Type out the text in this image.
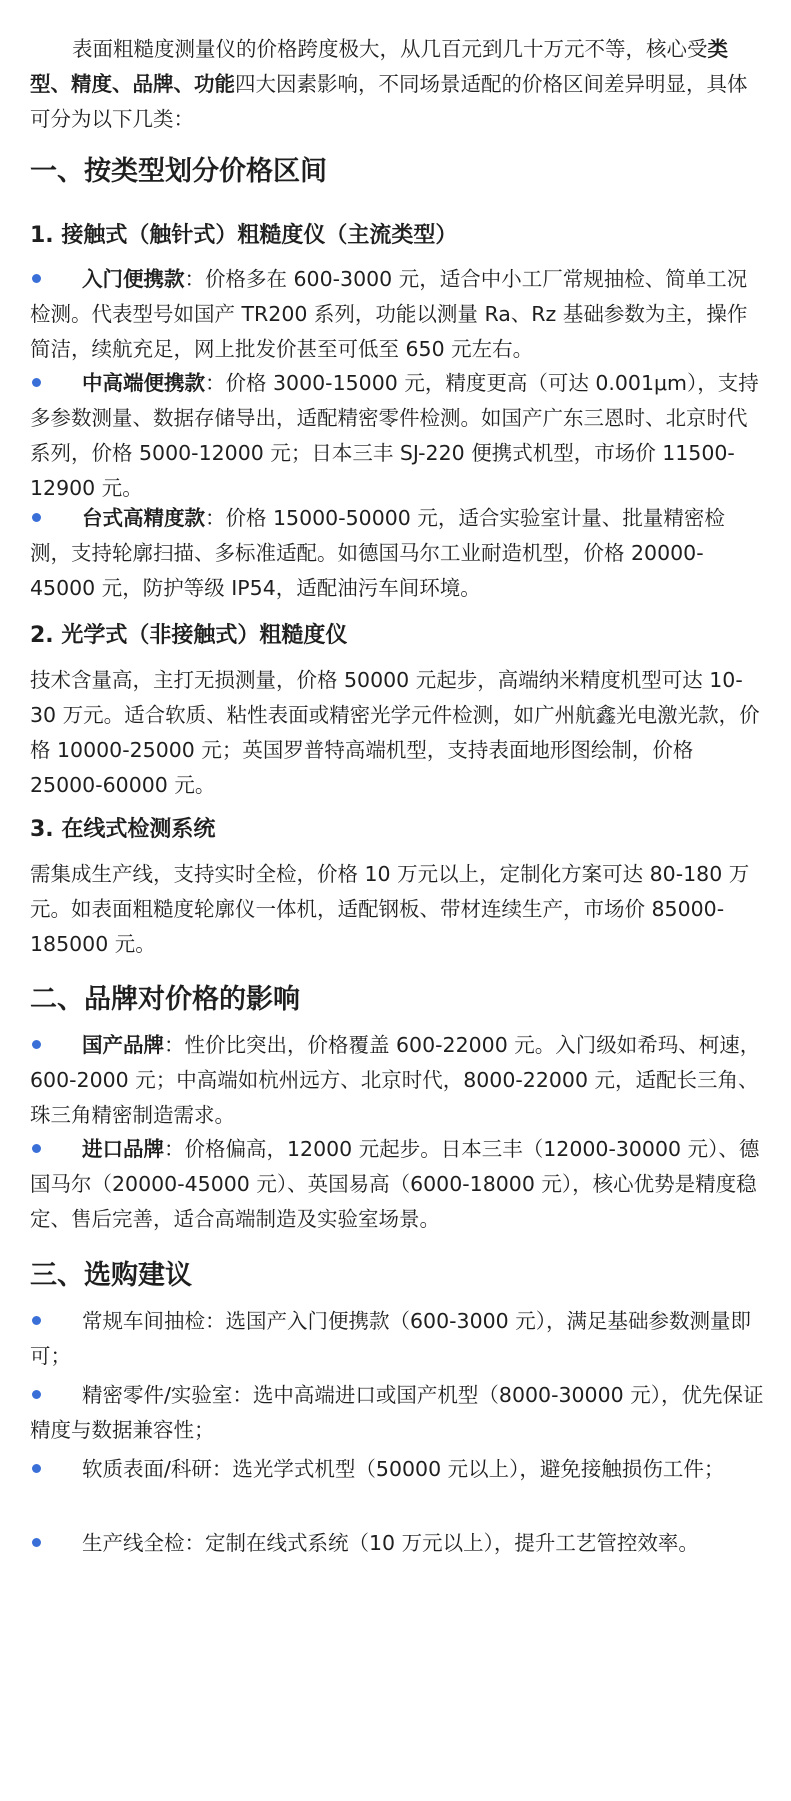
表面粗糙度测量仪的价格跨度极大，从几百元到几十万元不等，核心受类型、精度、品牌、功能四大因素影响，不同场景适配的价格区间差异明显，具体可分为以下几类：

一、按类型划分价格区间
1. 接触式（触针式）粗糙度仪（主流类型）

入门便携款：价格多在 600-3000 元，适合中小工厂常规抽检、简单工况检测。代表型号如国产 TR200 系列，功能以测量 Ra、Rz 基础参数为主，操作简洁，续航充足，网上批发价甚至可低至 650 元左右。

中高端便携款：价格 3000-15000 元，精度更高（可达 0.001μm），支持多参数测量、数据存储导出，适配精密零件检测。如国产广东三恩时、北京时代系列，价格 5000-12000 元；日本三丰 SJ-220 便携式机型，市场价 11500-12900 元。

台式高精度款：价格 15000-50000 元，适合实验室计量、批量精密检测，支持轮廓扫描、多标准适配。如德国马尔工业耐造机型，价格 20000-45000 元，防护等级 IP54，适配油污车间环境。

2. 光学式（非接触式）粗糙度仪

技术含量高，主打无损测量，价格 50000 元起步，高端纳米精度机型可达 10-30 万元。适合软质、粘性表面或精密光学元件检测，如广州航鑫光电激光款，价格 10000-25000 元；英国罗普特高端机型，支持表面地形图绘制，价格 25000-60000 元。

3. 在线式检测系统

需集成生产线，支持实时全检，价格 10 万元以上，定制化方案可达 80-180 万元。如表面粗糙度轮廓仪一体机，适配钢板、带材连续生产，市场价 85000-185000 元。

二、品牌对价格的影响

国产品牌：性价比突出，价格覆盖 600-22000 元。入门级如希玛、柯速，600-2000 元；中高端如杭州远方、北京时代，8000-22000 元，适配长三角、珠三角精密制造需求。

进口品牌：价格偏高，12000 元起步。日本三丰（12000-30000 元）、德国马尔（20000-45000 元）、英国易高（6000-18000 元），核心优势是精度稳定、售后完善，适合高端制造及实验室场景。

三、选购建议

常规车间抽检：选国产入门便携款（600-3000 元），满足基础参数测量即可；

精密零件/实验室：选中高端进口或国产机型（8000-30000 元），优先保证精度与数据兼容性；

软质表面/科研：选光学式机型（50000 元以上），避免接触损伤工件；

生产线全检：定制在线式系统（10 万元以上），提升工艺管控效率。
